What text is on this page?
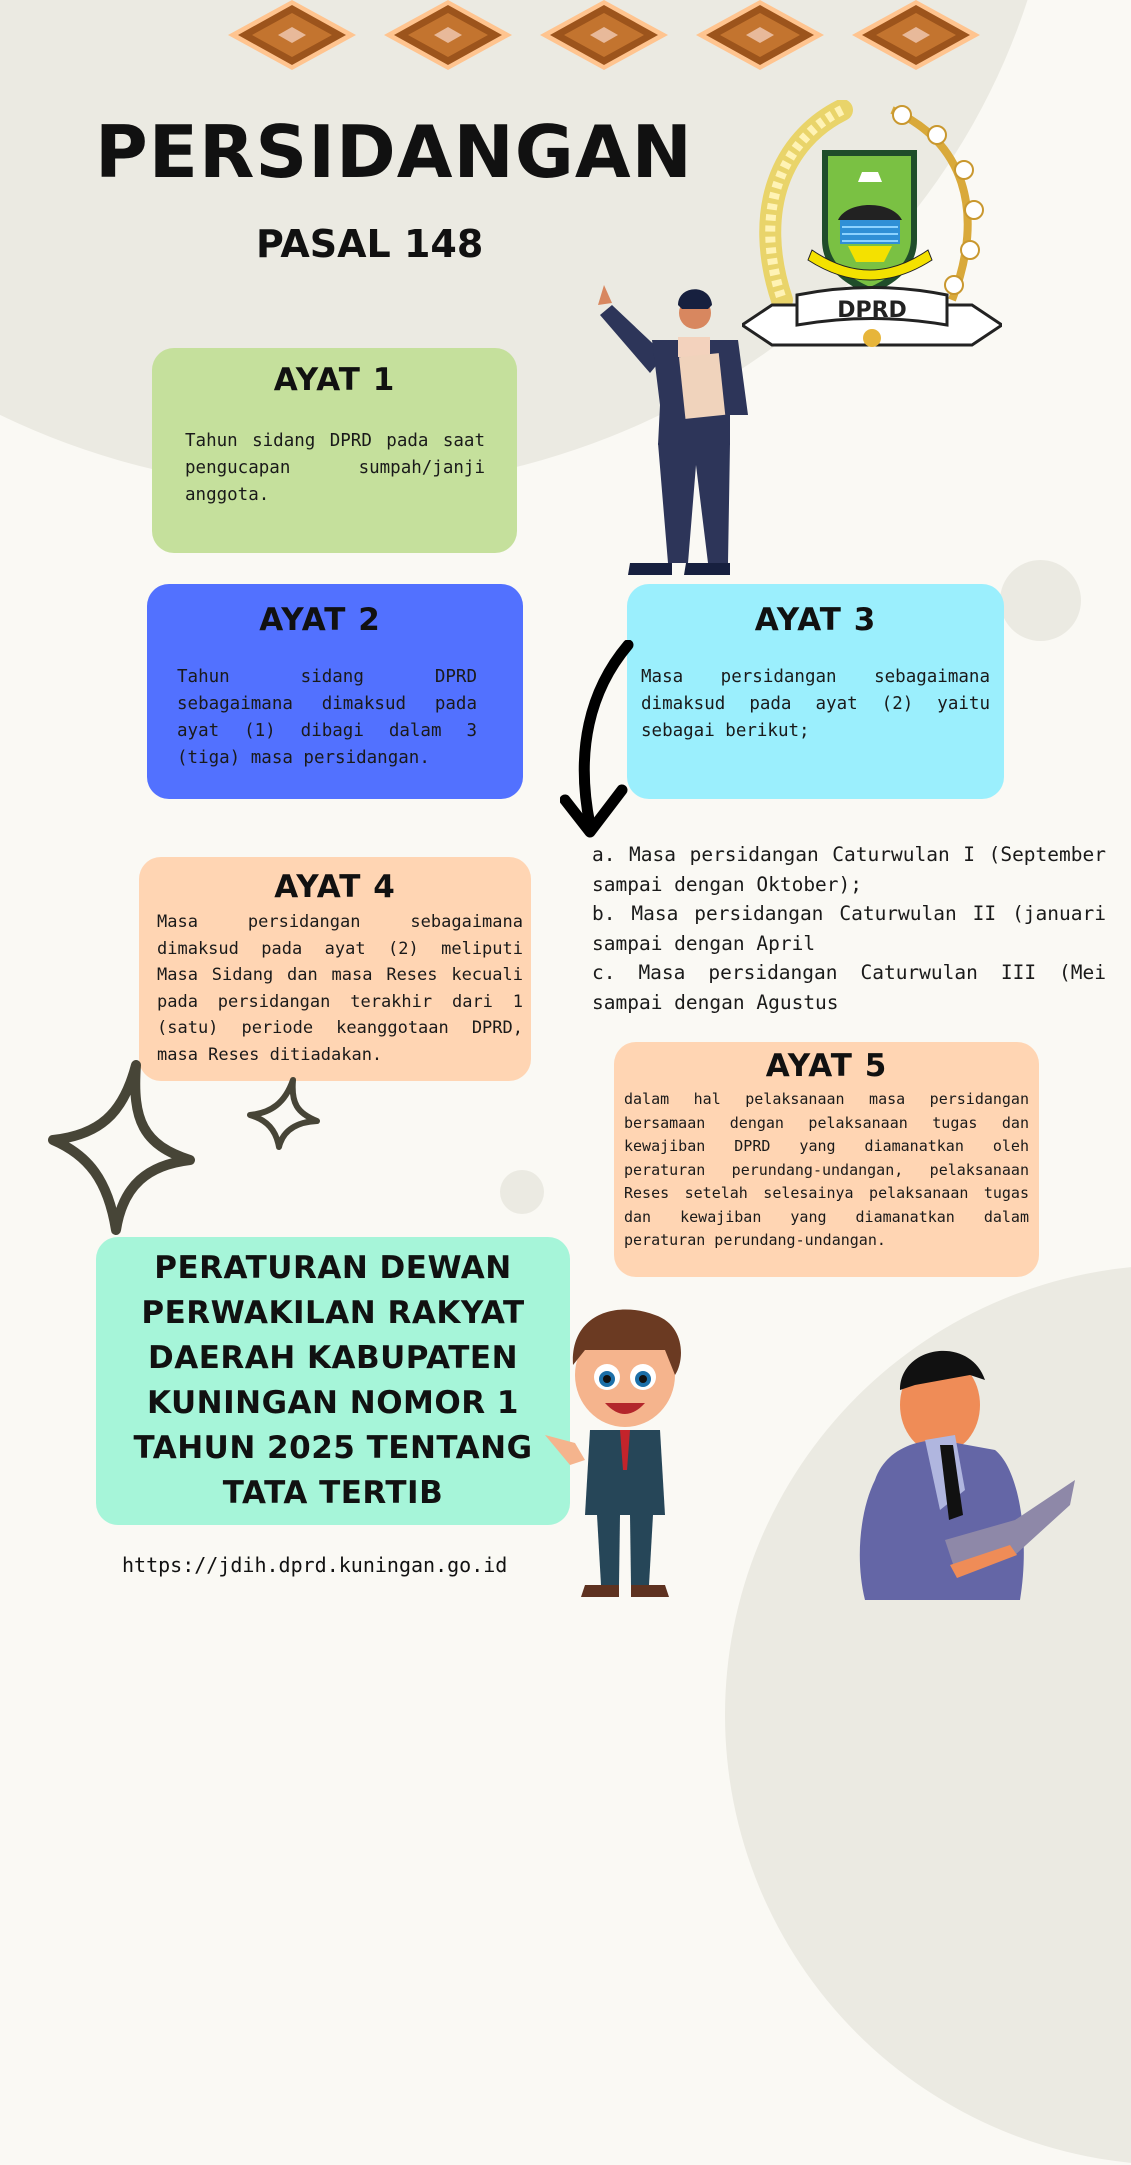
PERSIDANGAN
PASAL 148
DPRD
AYAT 1

Tahun sidang DPRD pada saat pengucapan sumpah/janji anggota.

AYAT 2

Tahun sidang DPRD sebagaimana dimaksud pada ayat (1) dibagi dalam 3 (tiga) masa persidangan.

AYAT 3

Masa persidangan sebagaimana dimaksud pada ayat (2) yaitu sebagai berikut;

a. Masa persidangan Caturwulan I (September sampai dengan Oktober);
b. Masa persidangan Caturwulan II (januari sampai dengan April
c. Masa persidangan Caturwulan III (Mei sampai dengan Agustus
AYAT 4

Masa persidangan sebagaimana dimaksud pada ayat (2) meliputi Masa Sidang dan masa Reses kecuali pada persidangan terakhir dari 1 (satu) periode keanggotaan DPRD, masa Reses ditiadakan.	AYAT 5

dalam hal pelaksanaan masa persidangan bersamaan dengan pelaksanaan tugas dan kewajiban DPRD yang diamanatkan oleh peraturan perundang-undangan, pelaksanaan Reses setelah selesainya pelaksanaan tugas dan kewajiban yang diamanatkan dalam peraturan perundang-undangan.

PERATURAN DEWAN PERWAKILAN RAKYAT DAERAH KABUPATEN KUNINGAN NOMOR 1 TAHUN 2025 TENTANG TATA TERTIB
https://jdih.dprd.kuningan.go.id
